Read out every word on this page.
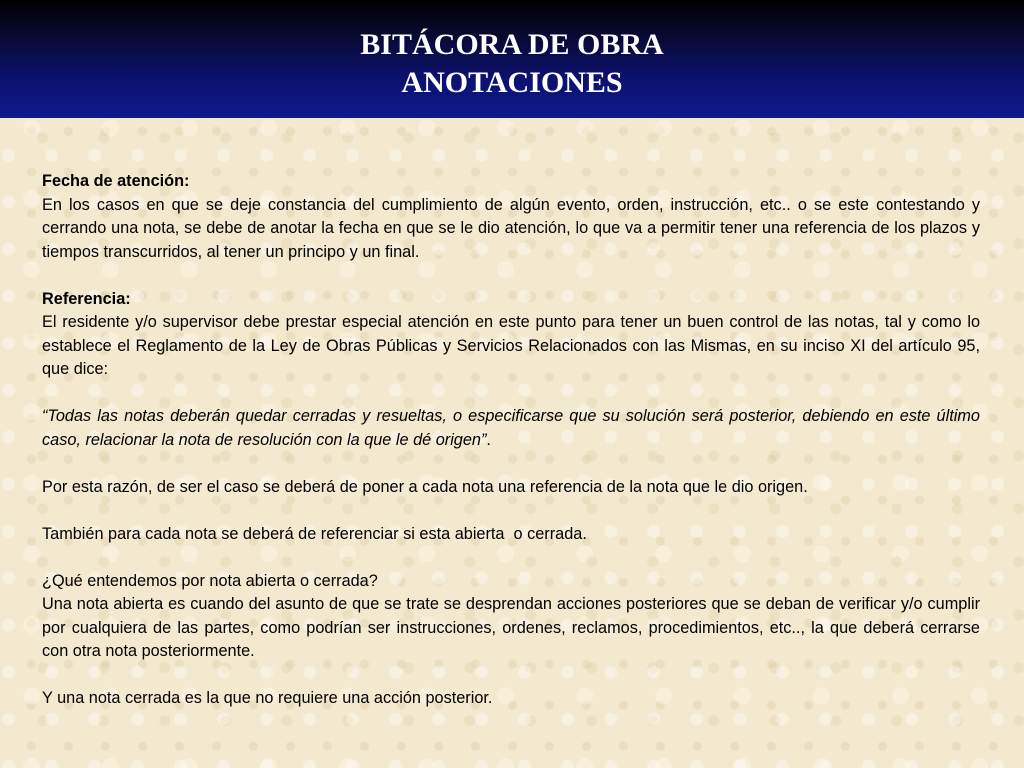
BITÁCORA DE OBRA
ANOTACIONES

Fecha de atención:
En los casos en que se deje constancia del cumplimiento de algún evento, orden, instrucción, etc.. o se este contestando y cerrando una nota, se debe de anotar la fecha en que se le dio atención, lo que va a permitir tener una referencia de los plazos y tiempos transcurridos, al tener un principo y un final.

Referencia:
El residente y/o supervisor debe prestar especial atención en este punto para tener un buen control de las notas, tal y como lo establece el Reglamento de la Ley de Obras Públicas y Servicios Relacionados con las Mismas, en su inciso XI del artículo 95, que dice:

“Todas las notas deberán quedar cerradas y resueltas, o especificarse que su solución será posterior, debiendo en este último caso, relacionar la nota de resolución con la que le dé origen”.

Por esta razón, de ser el caso se deberá de poner a cada nota una referencia de la nota que le dio origen.

También para cada nota se deberá de referenciar si esta abierta  o cerrada.

¿Qué entendemos por nota abierta o cerrada?
Una nota abierta es cuando del asunto de que se trate se desprendan acciones posteriores que se deban de verificar y/o cumplir por cualquiera de las partes, como podrían ser instrucciones, ordenes, reclamos, procedimientos, etc.., la que deberá cerrarse con otra nota posteriormente.

Y una nota cerrada es la que no requiere una acción posterior.
